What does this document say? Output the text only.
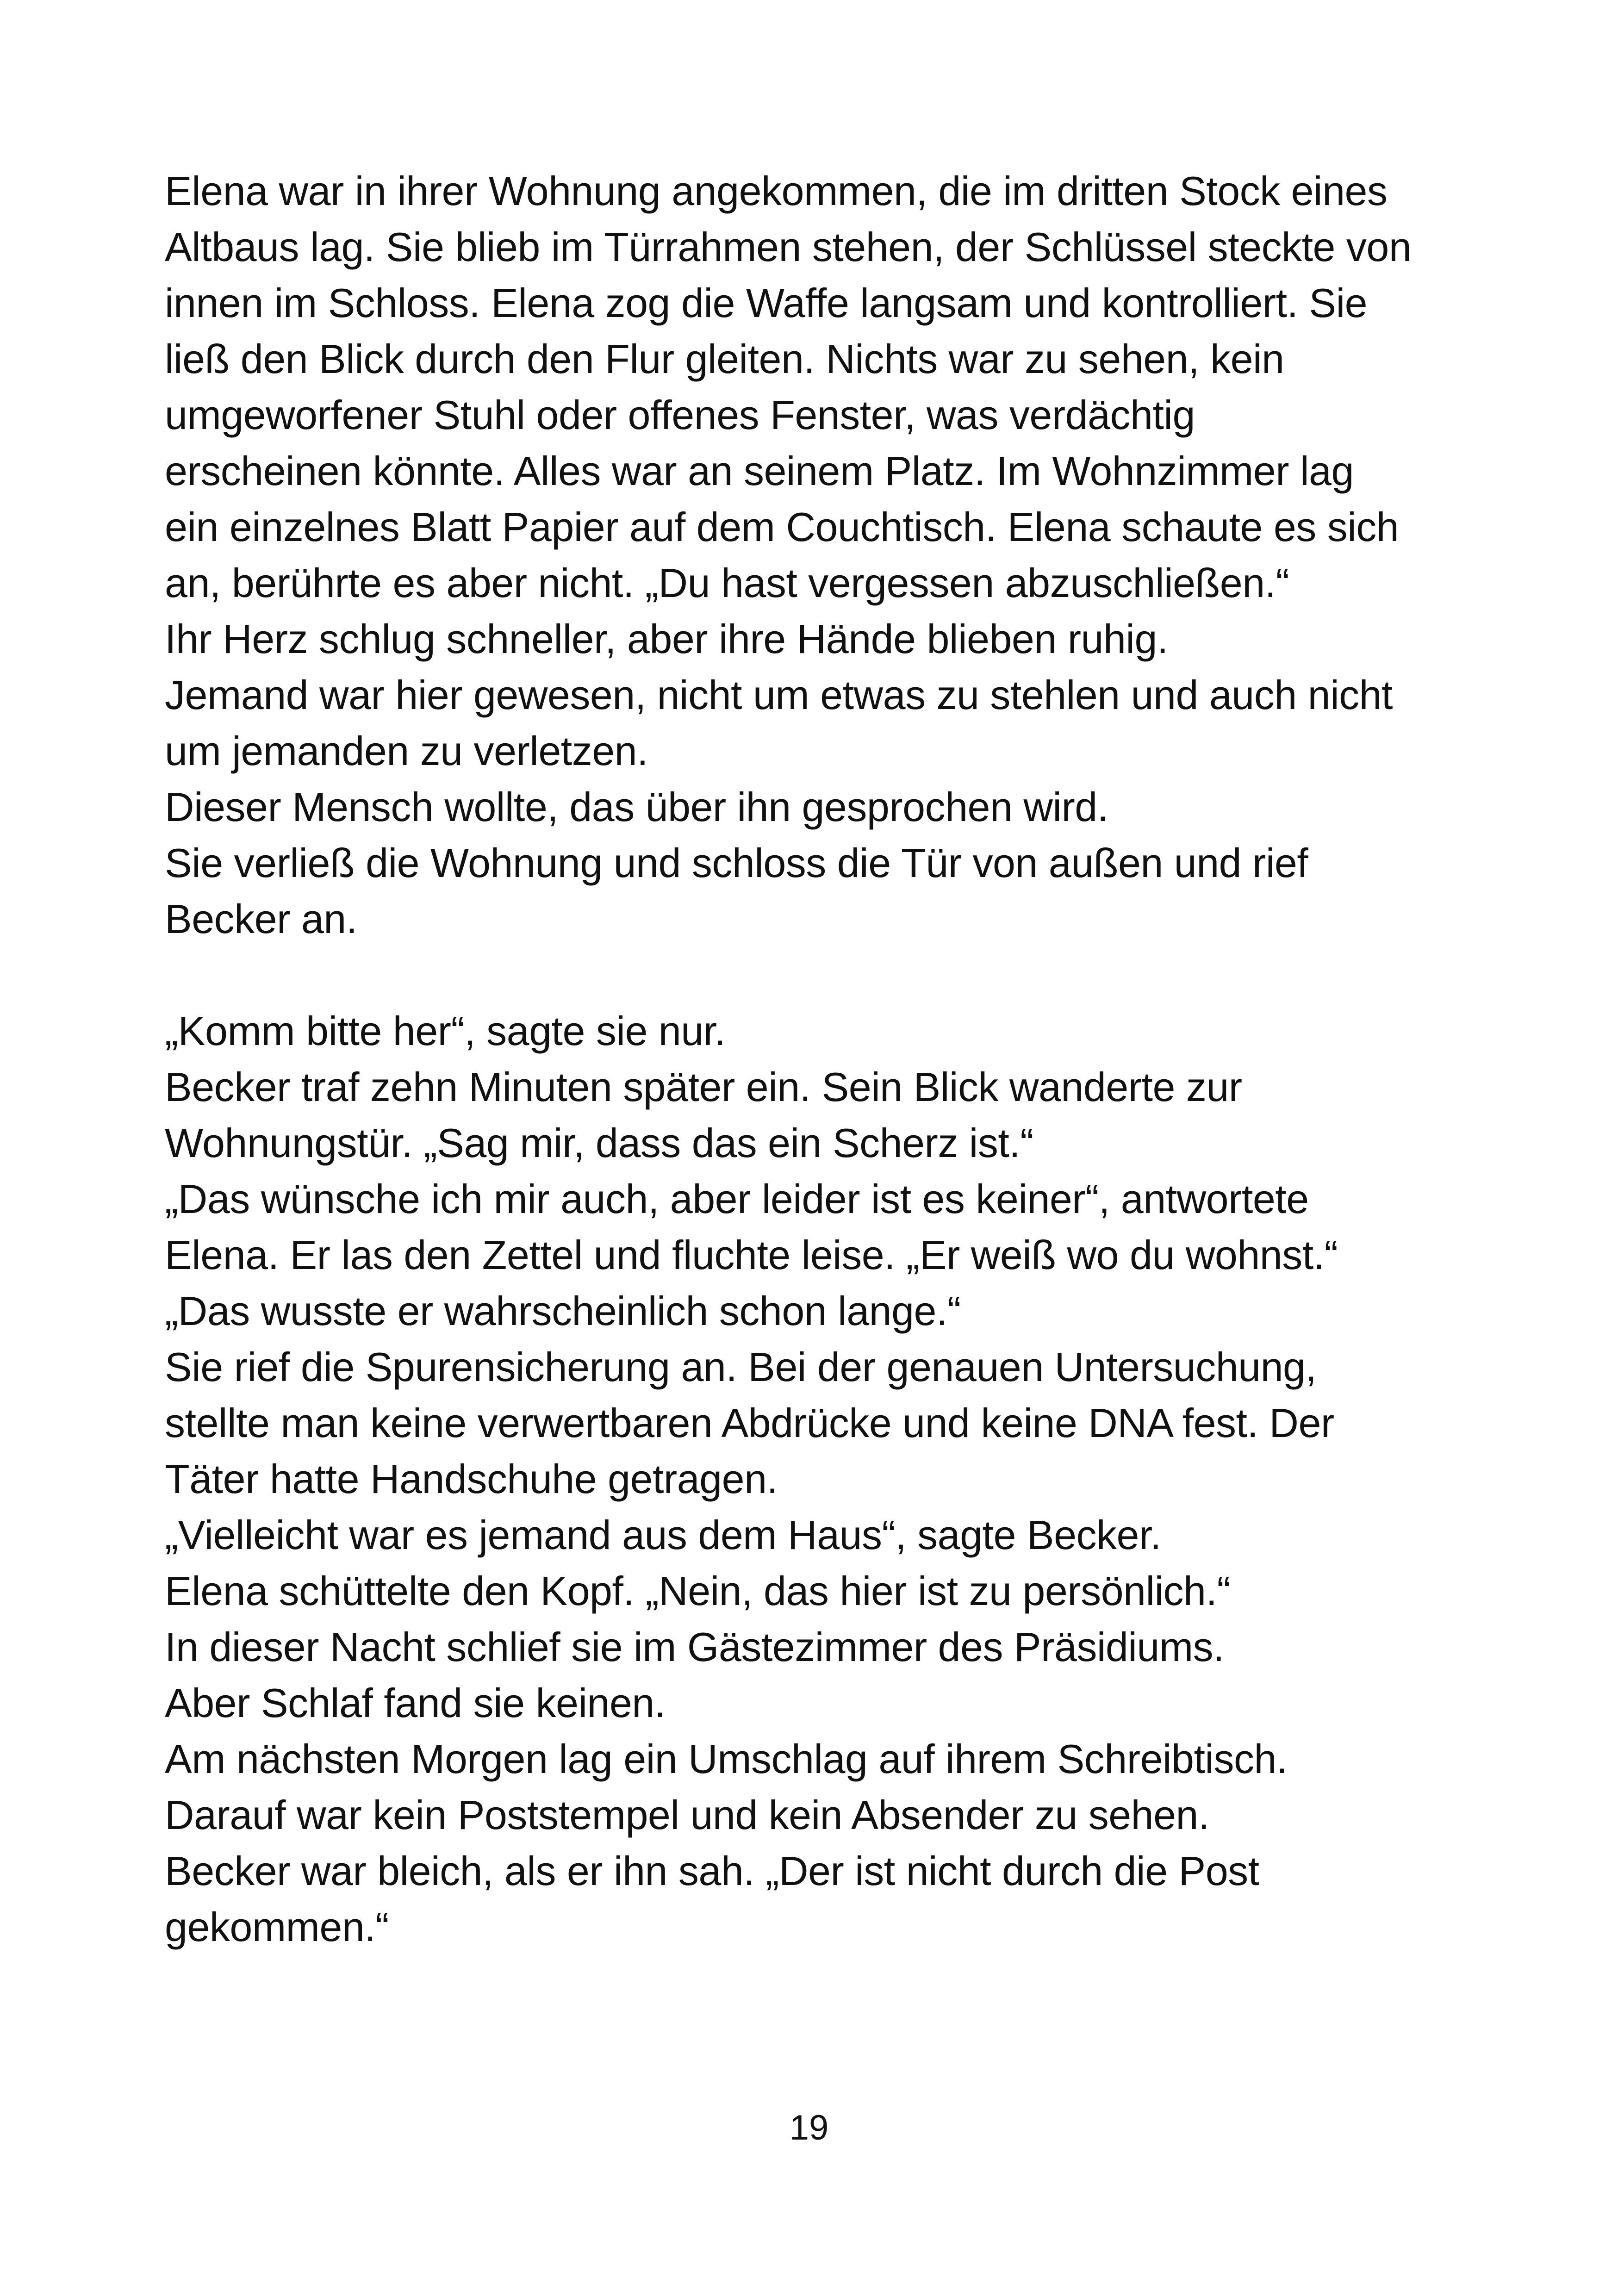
Elena war in ihrer Wohnung angekommen, die im dritten Stock eines
Altbaus lag. Sie blieb im Türrahmen stehen, der Schlüssel steckte von
innen im Schloss. Elena zog die Waffe langsam und kontrolliert. Sie
ließ den Blick durch den Flur gleiten. Nichts war zu sehen, kein
umgeworfener Stuhl oder offenes Fenster, was verdächtig
erscheinen könnte. Alles war an seinem Platz. Im Wohnzimmer lag
ein einzelnes Blatt Papier auf dem Couchtisch. Elena schaute es sich
an, berührte es aber nicht. „Du hast vergessen abzuschließen.“
Ihr Herz schlug schneller, aber ihre Hände blieben ruhig.
Jemand war hier gewesen, nicht um etwas zu stehlen und auch nicht
um jemanden zu verletzen.
Dieser Mensch wollte, das über ihn gesprochen wird.
Sie verließ die Wohnung und schloss die Tür von außen und rief
Becker an.
„Komm bitte her“, sagte sie nur.
Becker traf zehn Minuten später ein. Sein Blick wanderte zur
Wohnungstür. „Sag mir, dass das ein Scherz ist.“
„Das wünsche ich mir auch, aber leider ist es keiner“, antwortete
Elena. Er las den Zettel und fluchte leise. „Er weiß wo du wohnst.“
„Das wusste er wahrscheinlich schon lange.“
Sie rief die Spurensicherung an. Bei der genauen Untersuchung,
stellte man keine verwertbaren Abdrücke und keine DNA fest. Der
Täter hatte Handschuhe getragen.
„Vielleicht war es jemand aus dem Haus“, sagte Becker.
Elena schüttelte den Kopf. „Nein, das hier ist zu persönlich.“
In dieser Nacht schlief sie im Gästezimmer des Präsidiums.
Aber Schlaf fand sie keinen.
Am nächsten Morgen lag ein Umschlag auf ihrem Schreibtisch.
Darauf war kein Poststempel und kein Absender zu sehen.
Becker war bleich, als er ihn sah. „Der ist nicht durch die Post
gekommen.“
19
